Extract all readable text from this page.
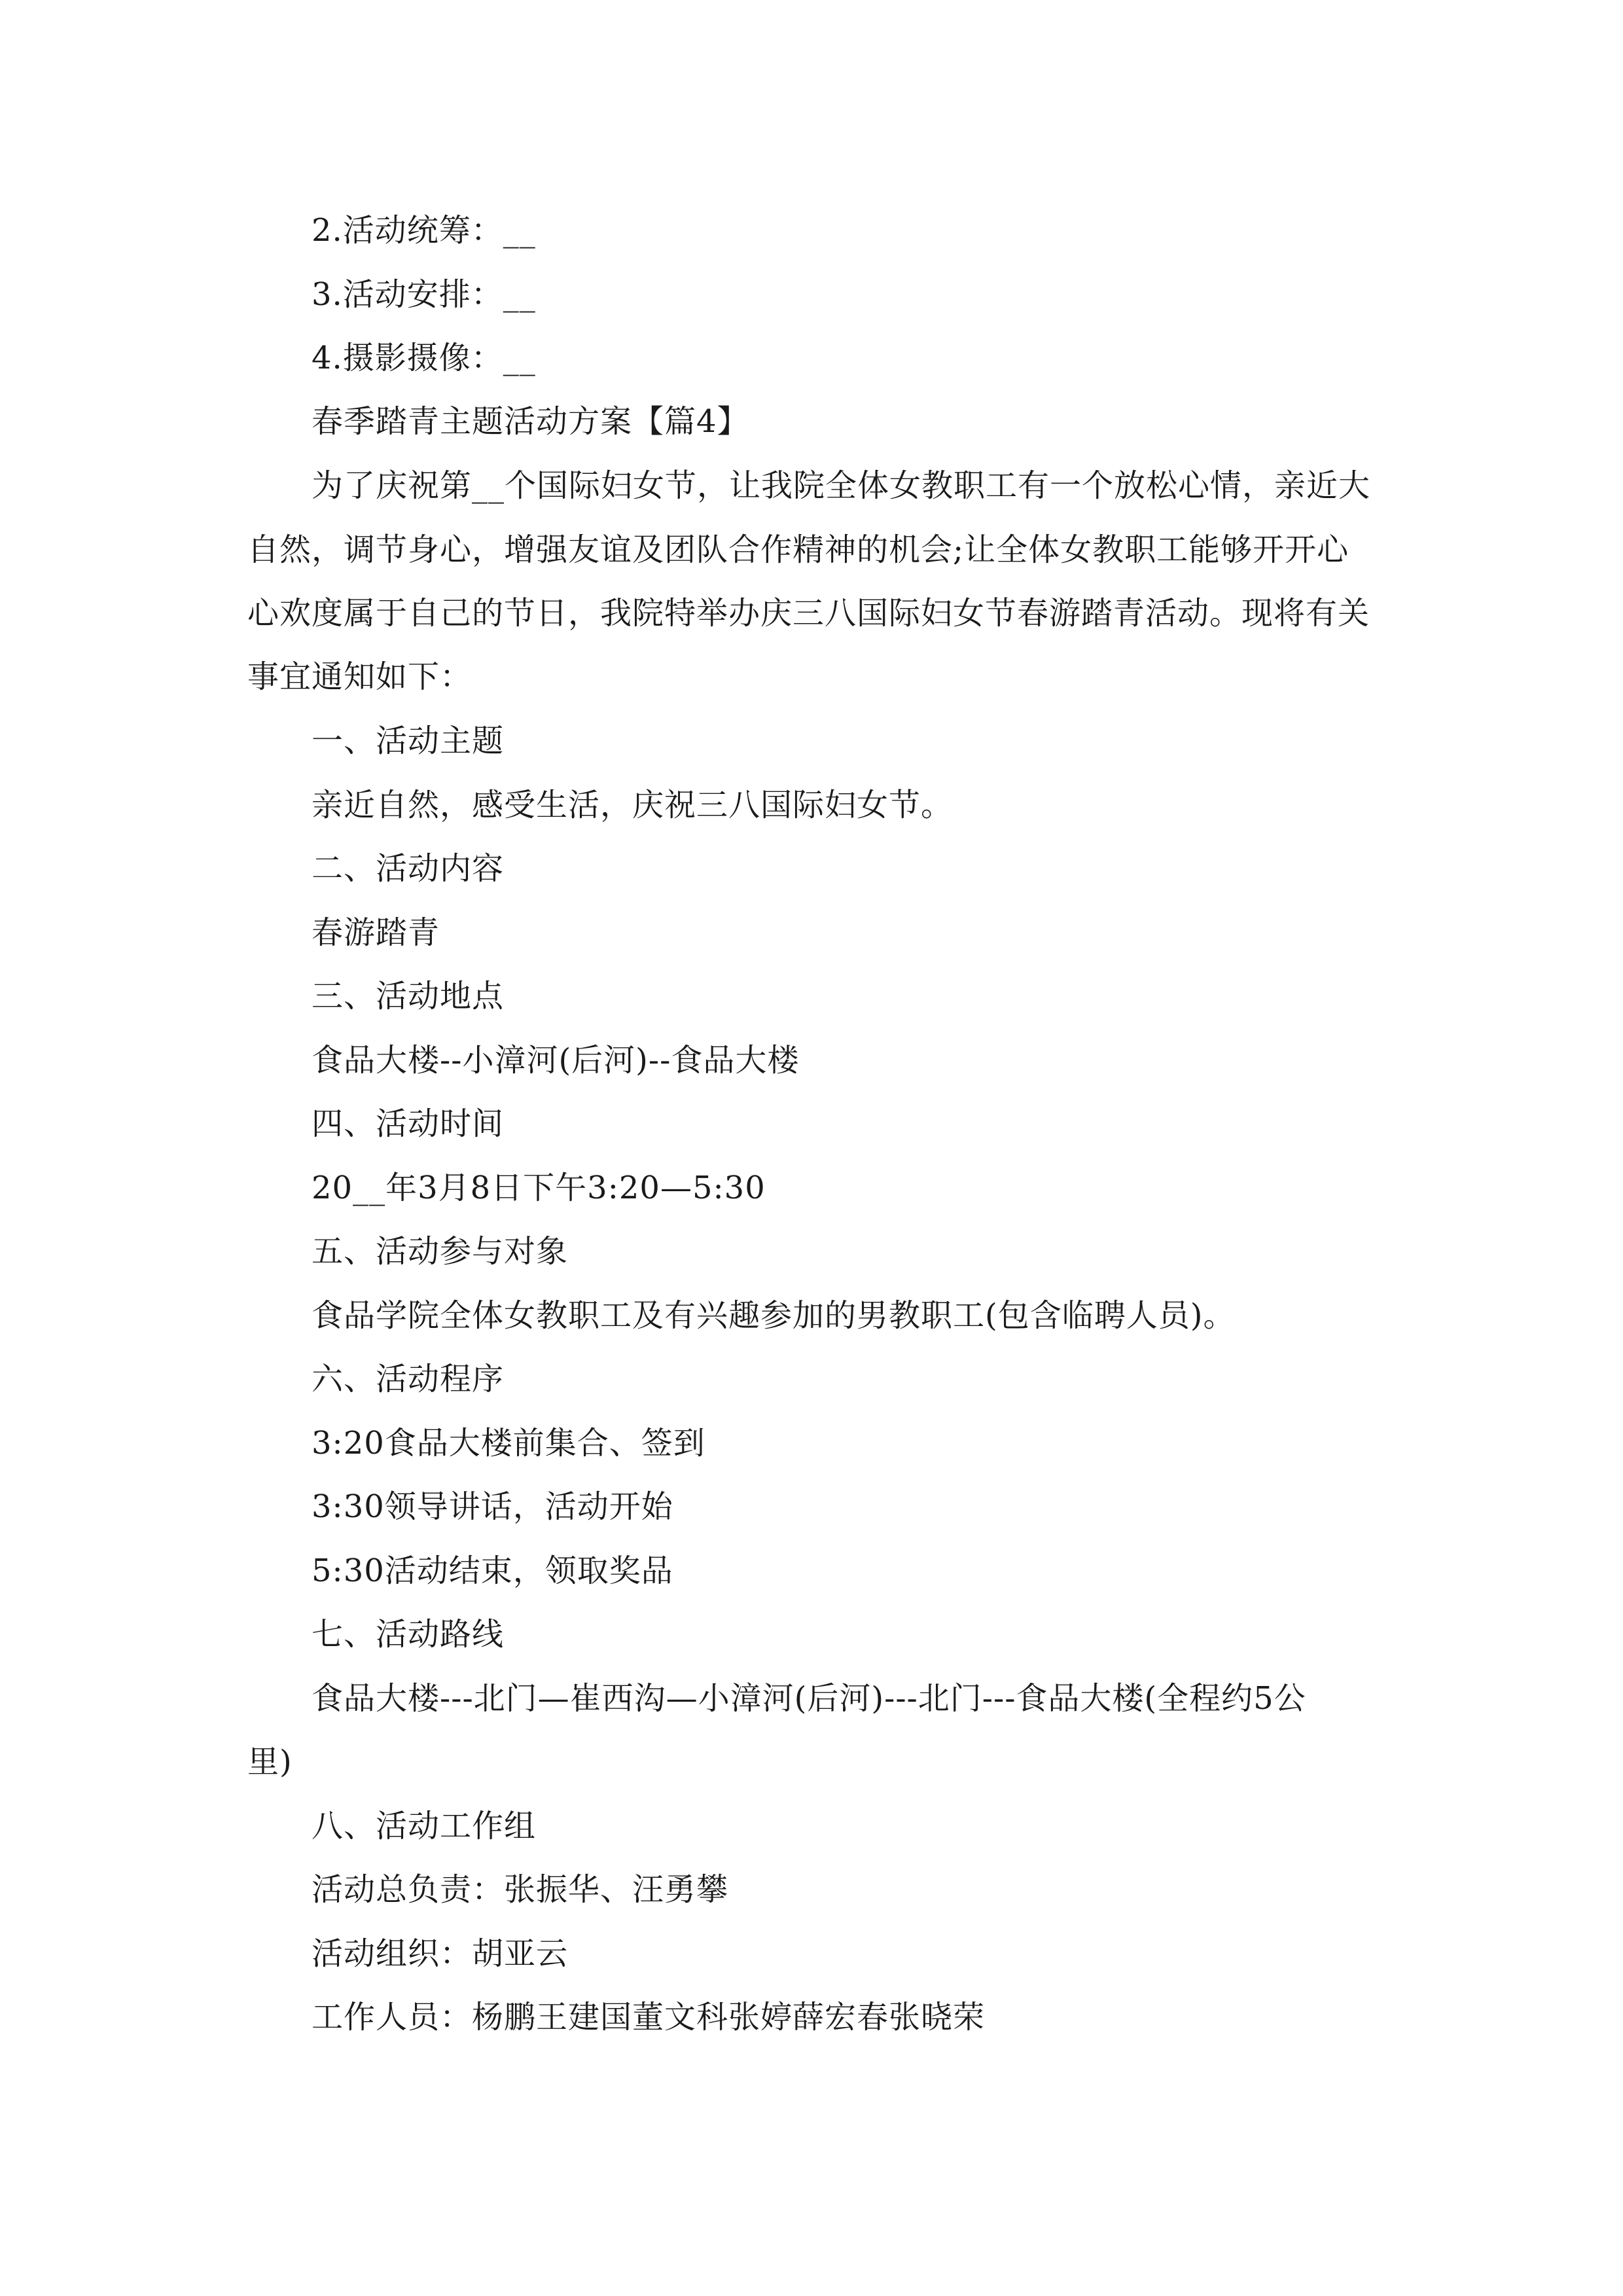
2.活动统筹：__
3.活动安排：__
4.摄影摄像：__
春季踏青主题活动方案【篇4】
为了庆祝第__个国际妇女节，让我院全体女教职工有一个放松心情，亲近大
自然，调节身心，增强友谊及团队合作精神的机会;让全体女教职工能够开开心
心欢度属于自己的节日，我院特举办庆三八国际妇女节春游踏青活动。现将有关
事宜通知如下：
一、活动主题
亲近自然，感受生活，庆祝三八国际妇女节。
二、活动内容
春游踏青
三、活动地点
食品大楼--小漳河(后河)--食品大楼
四、活动时间
20__年3月8日下午3:20—5:30
五、活动参与对象
食品学院全体女教职工及有兴趣参加的男教职工(包含临聘人员)。
六、活动程序
3:20食品大楼前集合、签到
3:30领导讲话，活动开始
5:30活动结束，领取奖品
七、活动路线
食品大楼---北门—崔西沟—小漳河(后河)---北门---食品大楼(全程约5公
里)
八、活动工作组
活动总负责：张振华、汪勇攀
活动组织：胡亚云
工作人员：杨鹏王建国董文科张婷薛宏春张晓荣
